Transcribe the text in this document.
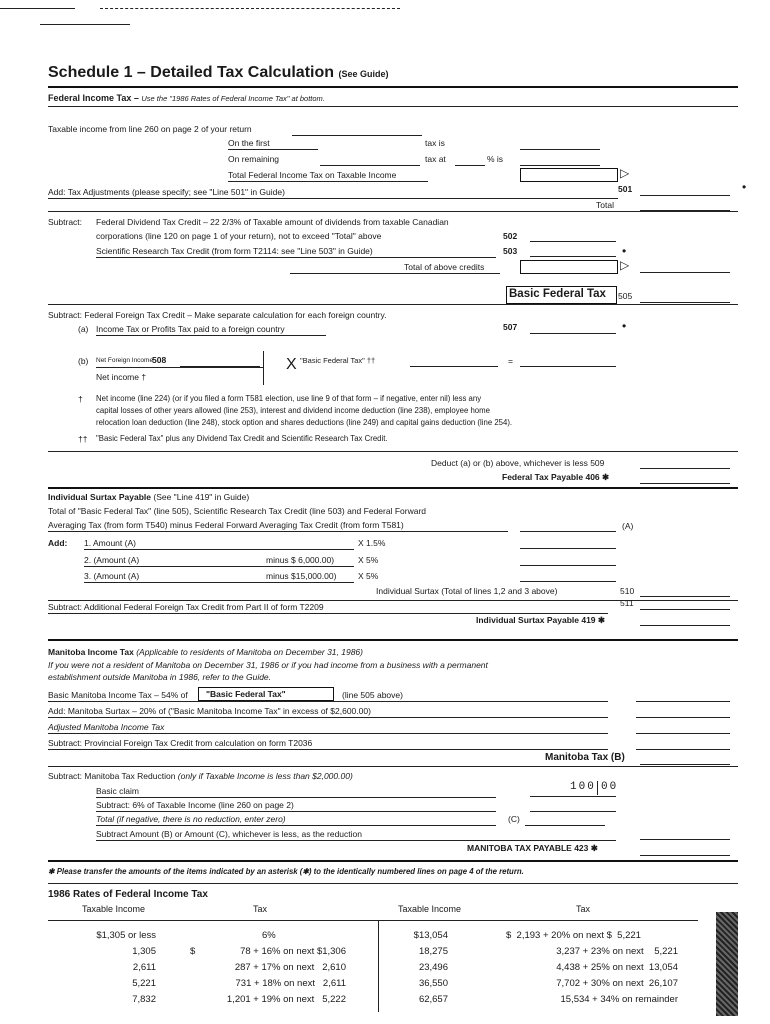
Schedule 1 – Detailed Tax Calculation (See Guide)
Federal Income Tax – Use the "1986 Rates of Federal Income Tax" at bottom.
Taxable income from line 260 on page 2 of your return
On the first	tax is
On remaining	tax at	% is
Total Federal Income Tax on Taxable Income	▷
Add: Tax Adjustments (please specify; see "Line 501" in Guide)	501	•
Total
Subtract: Federal Dividend Tax Credit – 22 2/3% of Taxable amount of dividends from taxable Canadian
corporations (line 120 on page 1 of your return), not to exceed "Total" above	502
Scientific Research Tax Credit (from form T2114: see "Line 503" in Guide)	503	•
Total of above credits	▷
Basic Federal Tax 505
Subtract: Federal Foreign Tax Credit – Make separate calculation for each foreign country.
(a) Income Tax or Profits Tax paid to a foreign country	507	•
(b) Net Foreign Income
508
Net income †
X "Basic Federal Tax" ††	=
† Net income (line 224) (or if you filed a form T581 election, use line 9 of that form – if negative, enter nil) less any
capital losses of other years allowed (line 253), interest and dividend income deduction (line 238), employee home
relocation loan deduction (line 248), stock option and shares deductions (line 249) and capital gains deduction (line 254).
†† "Basic Federal Tax" plus any Dividend Tax Credit and Scientific Research Tax Credit.
Deduct (a) or (b) above, whichever is less 509
Federal Tax Payable 406 ✱
Individual Surtax Payable (See "Line 419" in Guide)
Total of "Basic Federal Tax" (line 505), Scientific Research Tax Credit (line 503) and Federal Forward
Averaging Tax (from form T540) minus Federal Forward Averaging Tax Credit (from form T581)	(A)
Add: 1. Amount (A)	X 1.5%
2. (Amount (A)	minus $ 6,000.00)	X 5%
3. (Amount (A)	minus $15,000.00)	X 5%
Individual Surtax (Total of lines 1,2 and 3 above)	510
Subtract: Additional Federal Foreign Tax Credit from Part II of form T2209	511
Individual Surtax Payable 419 ✱
Manitoba Income Tax (Applicable to residents of Manitoba on December 31, 1986)
If you were not a resident of Manitoba on December 31, 1986 or if you had income from a business with a permanent
establishment outside Manitoba in 1986, refer to the Guide.
Basic Manitoba Income Tax – 54% of "Basic Federal Tax"	(line 505 above)
Add: Manitoba Surtax – 20% of ("Basic Manitoba Income Tax" in excess of $2,600.00)
Adjusted Manitoba Income Tax
Subtract: Provincial Foreign Tax Credit from calculation on form T2036
Manitoba Tax (B)
Subtract: Manitoba Tax Reduction (only if Taxable Income is less than $2,000.00)
Basic claim	100 00
Subtract: 6% of Taxable Income (line 260 on page 2)
Total (if negative, there is no reduction, enter zero)	(C)
Subtract Amount (B) or Amount (C), whichever is less, as the reduction
MANITOBA TAX PAYABLE 423 ✱
✱ Please transfer the amounts of the items indicated by an asterisk (✱) to the identically numbered lines on page 4 of the return.
1986 Rates of Federal Income Tax
Taxable Income	Tax	Taxable Income	Tax
$1,305 or less	6%
1,305	$	78 + 16% on next $1,306
2,611	287 + 17% on next   2,610
5,221	731 + 18% on next   2,611
7,832	1,201 + 19% on next   5,222
$13,054	$  2,193 + 20% on next $  5,221
18,275	3,237 + 23% on next    5,221
23,496	4,438 + 25% on next  13,054
36,550	7,702 + 30% on next  26,107
62,657	15,534 + 34% on remainder
